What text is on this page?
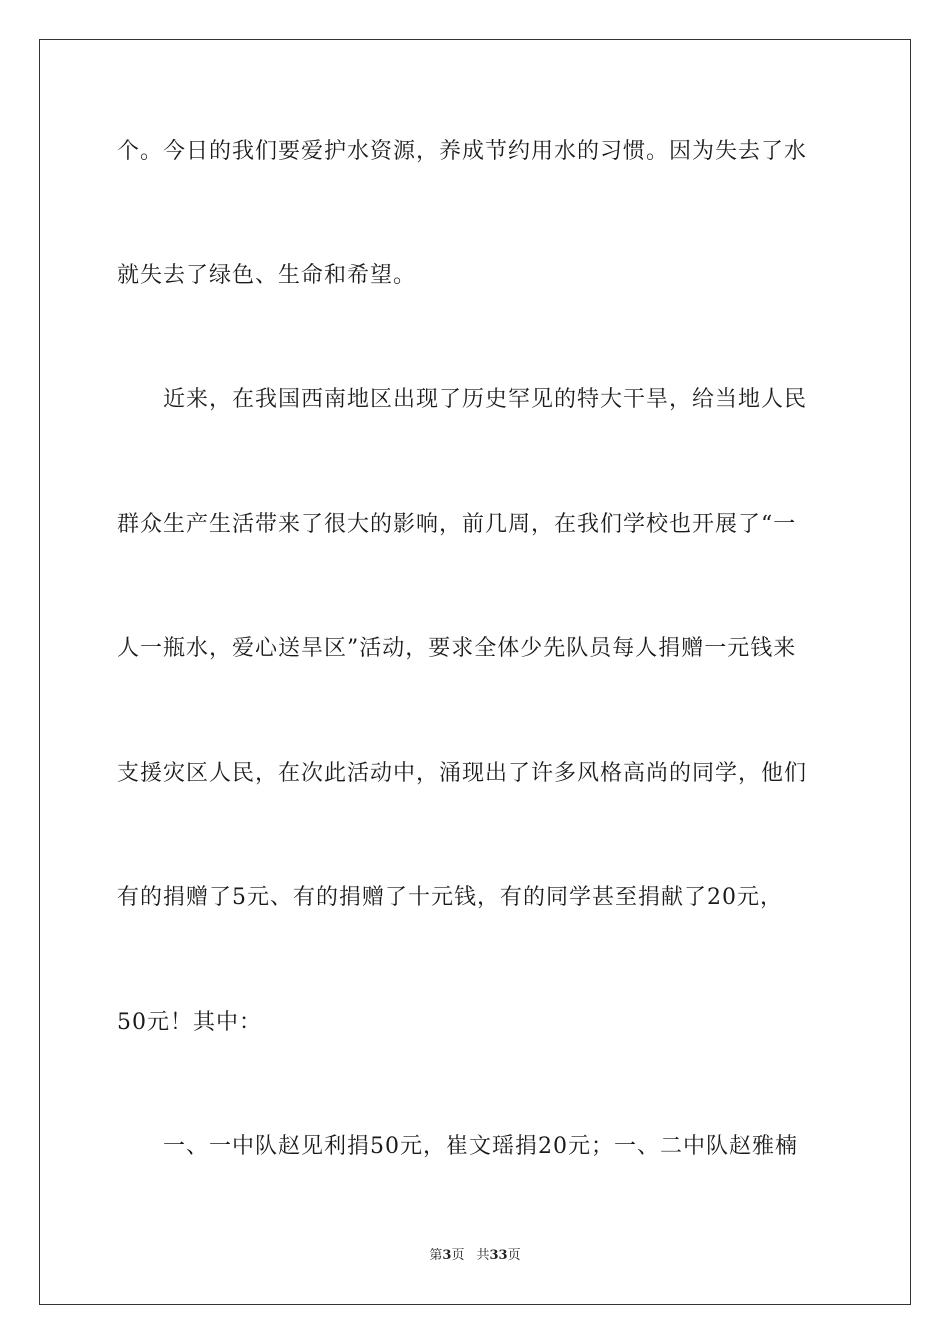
个。今日的我们要爱护水资源，养成节约用水的习惯。因为失去了水
就失去了绿色、生命和希望。
近来，在我国西南地区出现了历史罕见的特大干旱，给当地人民
群众生产生活带来了很大的影响，前几周，在我们学校也开展了“一
人一瓶水，爱心送旱区”活动，要求全体少先队员每人捐赠一元钱来
支援灾区人民，在次此活动中，涌现出了许多风格高尚的同学，他们
有的捐赠了5元、有的捐赠了十元钱，有的同学甚至捐献了20元，
50元！其中：
一、一中队赵见利捐50元，崔文瑶捐20元；一、二中队赵雅楠
第3页 共33页
